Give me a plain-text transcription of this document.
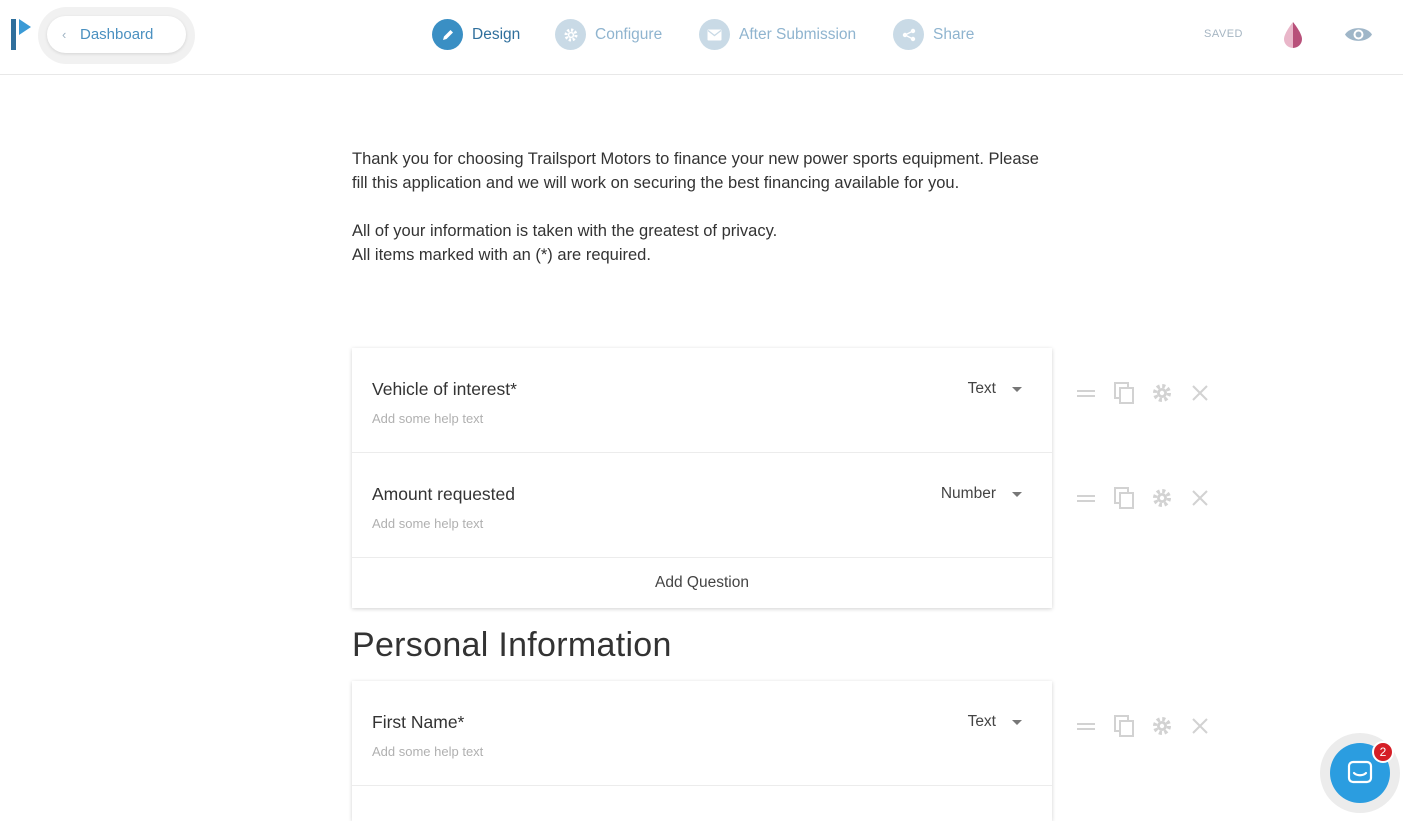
‹ Dashboard	Design	Configure	After Submission	Share	SAVED

Thank you for choosing Trailsport Motors to finance your new power sports equipment. Please fill this application and we will work on securing the best financing available for you.

All of your information is taken with the greatest of privacy.

All items marked with an (*) are required.

Vehicle of interest*
Add some help text
Text
Amount requested
Add some help text
Number
Add Question
Personal Information
First Name*
Add some help text
Text
2
